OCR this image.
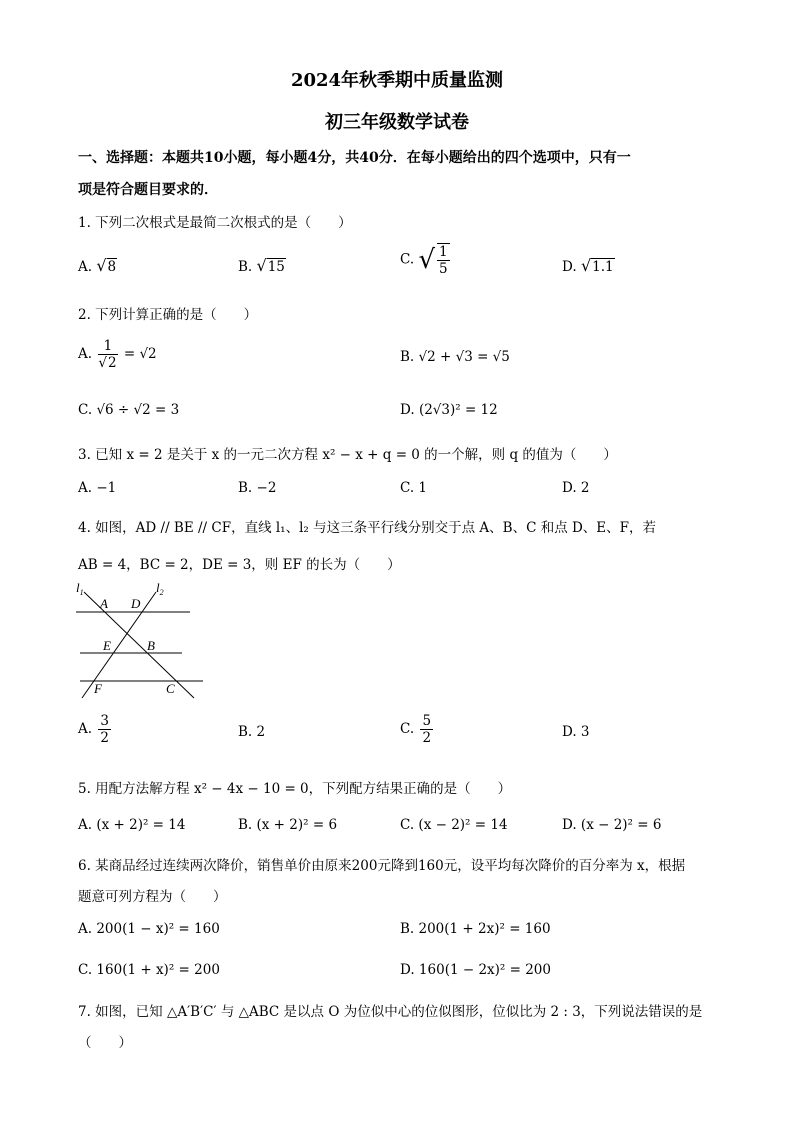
2024年秋季期中质量监测
初三年级数学试卷
一、选择题：本题共10小题，每小题4分，共40分．在每小题给出的四个选项中，只有一
项是符合题目要求的．
1. 下列二次根式是最简二次根式的是（　　）
A. √8	B. √15	C. √ $\frac{1}{5}$	D. √1.1
2. 下列计算正确的是（　　）
A. $\frac{1}{√2} = √2$	B. √2 + √3 = √5
C. √6 ÷ √2 = 3	D. (2√3)² = 12
3. 已知 x = 2 是关于 x 的一元二次方程 x² − x + q = 0 的一个解，则 q 的值为（　　）
A. −1	B. −2	C. 1	D. 2
4. 如图，AD // BE // CF，直线 l₁、l₂ 与这三条平行线分别交于点 A、B、C 和点 D、E、F，若
AB = 4，BC = 2，DE = 3，则 EF 的长为（　　）
$l_1$	$l_2$
A D
E	B
F	C
A. $\frac{3}{2}$	B. 2	C. $\frac{5}{2}$	D. 3
5. 用配方法解方程 x² − 4x − 10 = 0，下列配方结果正确的是（　　）
A. (x + 2)² = 14	B. (x + 2)² = 6	C. (x − 2)² = 14	D. (x − 2)² = 6
6. 某商品经过连续两次降价，销售单价由原来200元降到160元，设平均每次降价的百分率为 x，根据
题意可列方程为（　　）
A. 200(1 − x)² = 160	B. 200(1 + 2x)² = 160
C. 160(1 + x)² = 200	D. 160(1 − 2x)² = 200
7. 如图，已知 △A′B′C′ 与 △ABC 是以点 O 为位似中心的位似图形，位似比为 2 : 3，下列说法错误的是
（　　）
